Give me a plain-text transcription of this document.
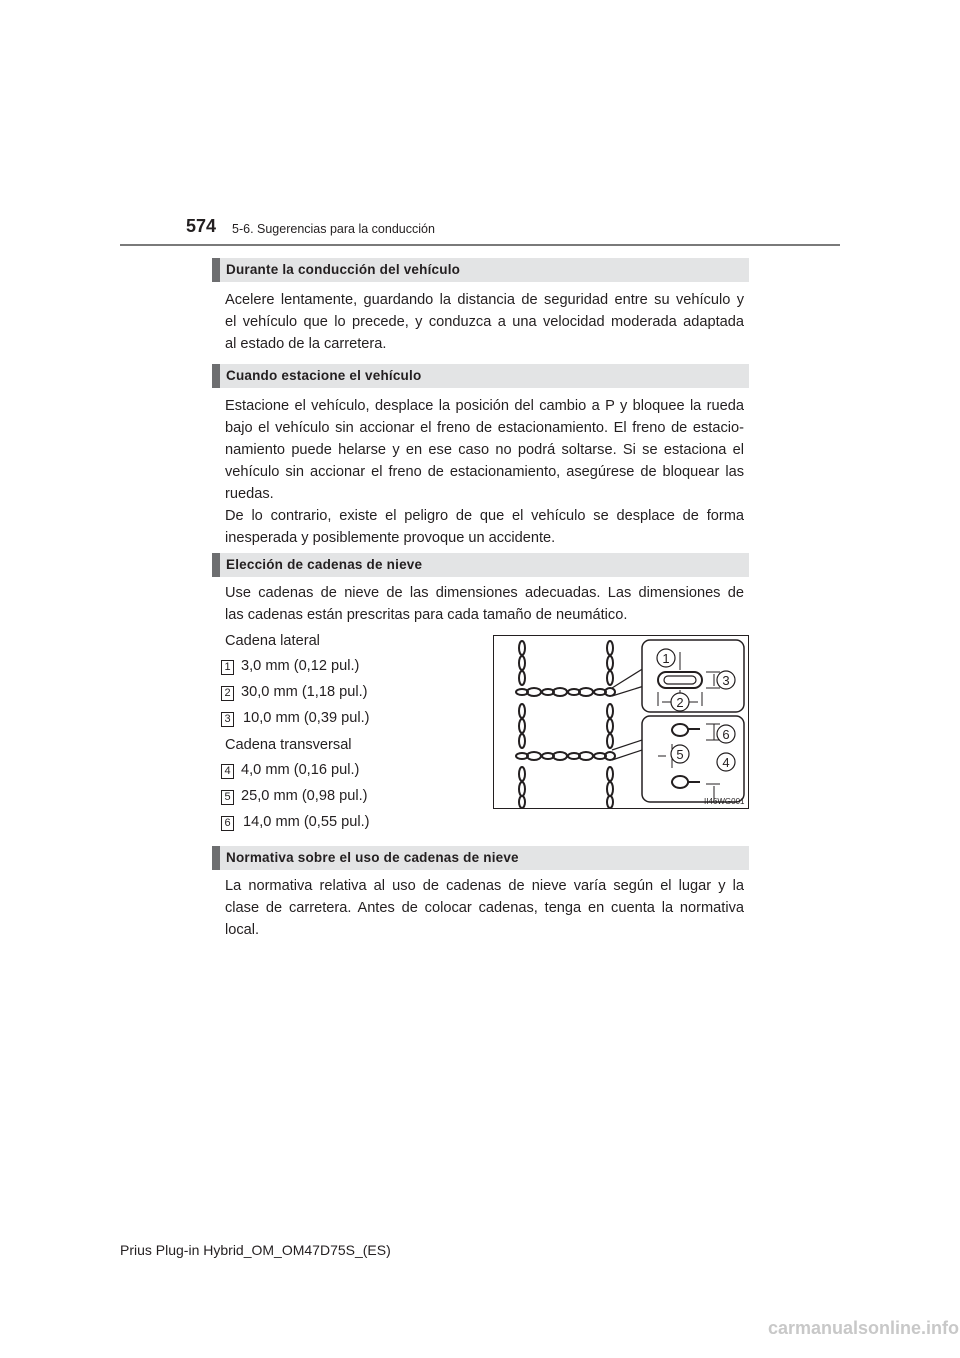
574 5-6. Sugerencias para la conducción
Durante la conducción del vehículo

Acelere lentamente, guardando la distancia de seguridad entre su vehículo y
el vehículo que lo precede, y conduzca a una velocidad moderada adaptada
al estado de la carretera.

Cuando estacione el vehículo

Estacione el vehículo, desplace la posición del cambio a P y bloquee la rueda
bajo el vehículo sin accionar el freno de estacionamiento. El freno de estacio-
namiento puede helarse y en ese caso no podrá soltarse. Si se estaciona el
vehículo sin accionar el freno de estacionamiento, asegúrese de bloquear las
ruedas.
De lo contrario, existe el peligro de que el vehículo se desplace de forma
inesperada y posiblemente provoque un accidente.

Elección de cadenas de nieve

Use cadenas de nieve de las dimensiones adecuadas. Las dimensiones de
las cadenas están prescritas para cada tamaño de neumático.

Cadena lateral
1 3,0 mm (0,12 pul.)
2 30,0 mm (1,18 pul.)
3 10,0 mm (0,39 pul.)
Cadena transversal
4 4,0 mm (0,16 pul.)
5 25,0 mm (0,98 pul.)
6 14,0 mm (0,55 pul.)
1
2
3
6
5
4
II46WG001
Normativa sobre el uso de cadenas de nieve

La normativa relativa al uso de cadenas de nieve varía según el lugar y la
clase de carretera. Antes de colocar cadenas, tenga en cuenta la normativa
local.

Prius Plug-in Hybrid_OM_OM47D75S_(ES)
carmanualsonline.info
